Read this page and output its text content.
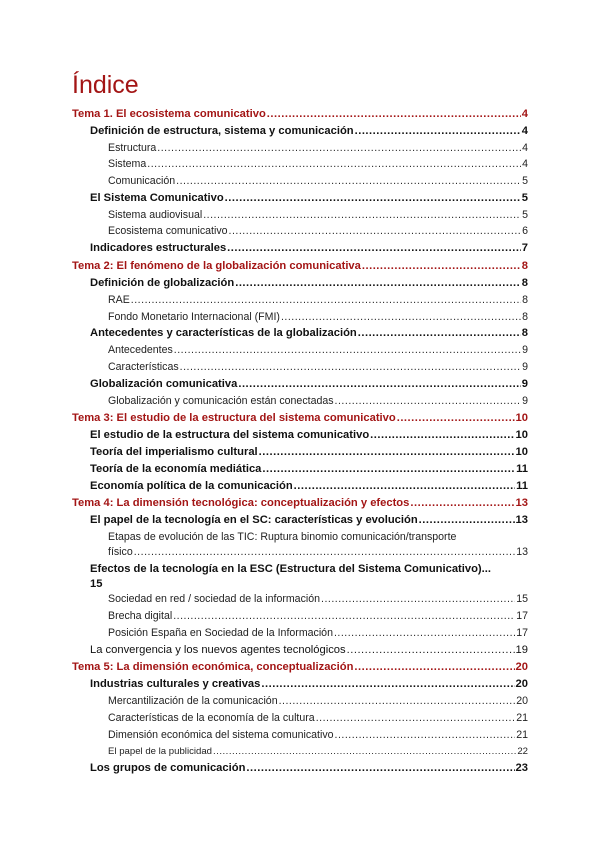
Índice
Tema 1. El ecosistema comunicativo .....	4
Definición de estructura, sistema y comunicación .....	4
Estructura .....	4
Sistema .....	4
Comunicación .....	5
El Sistema Comunicativo .....	5
Sistema audiovisual .....	5
Ecosistema comunicativo .....	6
Indicadores estructurales .....	7
Tema 2: El fenómeno de la globalización comunicativa .....	8
Definición de globalización .....	8
RAE .....	8
Fondo Monetario Internacional (FMI) .....	8
Antecedentes y características de la globalización .....	8
Antecedentes .....	9
Características .....	9
Globalización comunicativa .....	9
Globalización y comunicación están conectadas .....	9
Tema 3: El estudio de la estructura del sistema comunicativo .....	10
El estudio de la estructura del sistema comunicativo .....	10
Teoría del imperialismo cultural .....	10
Teoría de la economía mediática .....	11
Economía política de la comunicación .....	11
Tema 4: La dimensión tecnológica: conceptualización y efectos .....	13
El papel de la tecnología en el SC: características y evolución .....	13
Etapas de evolución de las TIC: Ruptura binomio comunicación/transporte
físico .....	13
Efectos de la tecnología en la ESC (Estructura del Sistema Comunicativo)...
15
Sociedad en red / sociedad de la información .....	15
Brecha digital .....	17
Posición España en Sociedad de la Información .....	17
La convergencia y los nuevos agentes tecnológicos .....	19
Tema 5: La dimensión económica, conceptualización .....	20
Industrias culturales y creativas .....	20
Mercantilización de la comunicación .....	20
Características de la economía de la cultura .....	21
Dimensión económica del sistema comunicativo .....	21
El papel de la publicidad .....	22
Los grupos de comunicación .....	23
